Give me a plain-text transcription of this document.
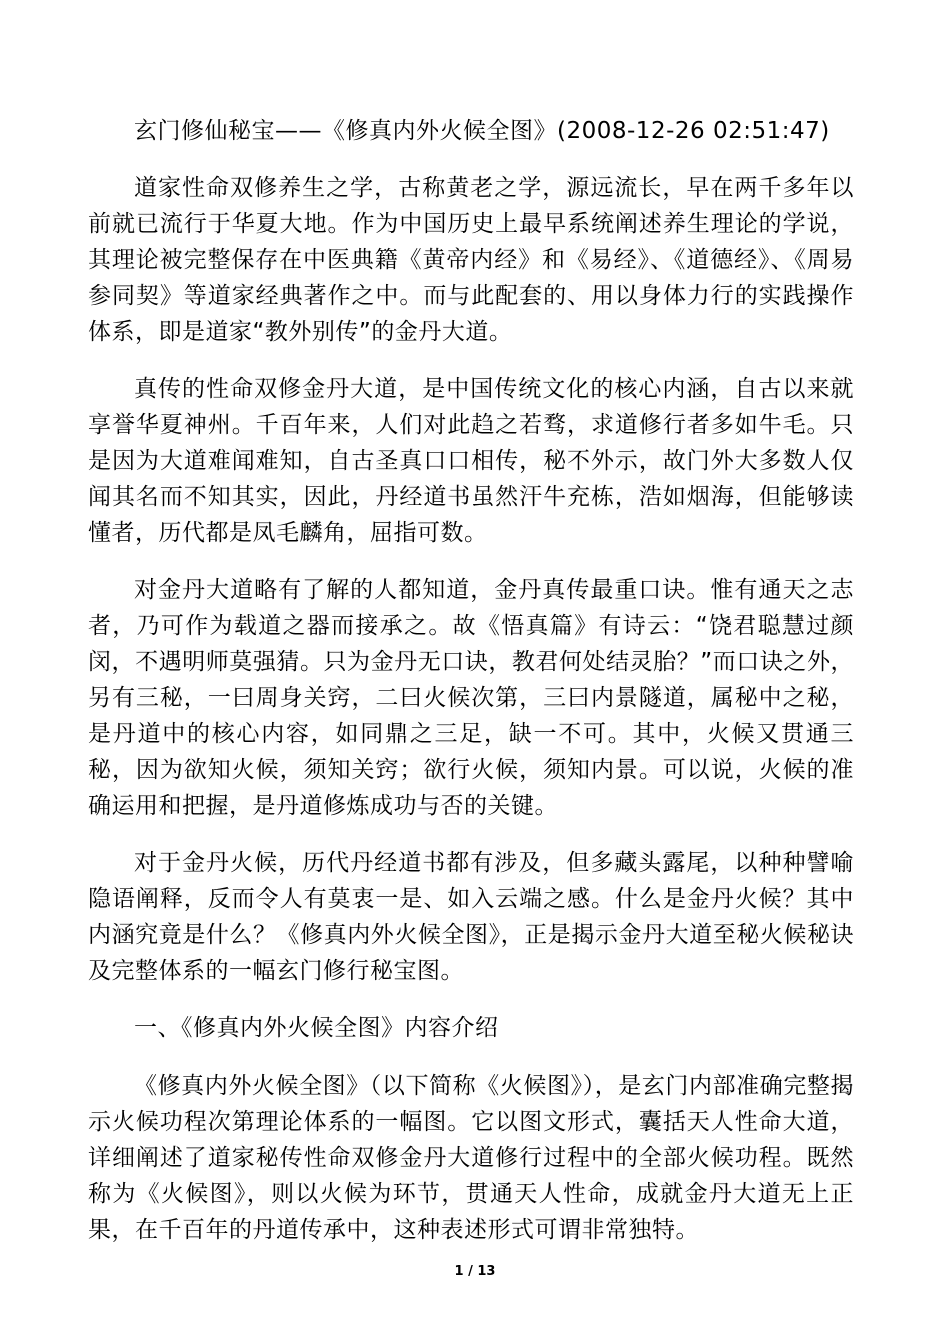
玄门修仙秘宝——《修真内外火候全图》(2008-12-26 02:51:47)

道家性命双修养生之学，古称黄老之学，源远流长，早在两千多年以前就已流行于华夏大地。作为中国历史上最早系统阐述养生理论的学说，其理论被完整保存在中医典籍《黄帝内经》和《易经》、《道德经》、《周易参同契》等道家经典著作之中。而与此配套的、用以身体力行的实践操作体系，即是道家“教外别传”的金丹大道。

真传的性命双修金丹大道，是中国传统文化的核心内涵，自古以来就享誉华夏神州。千百年来，人们对此趋之若骛，求道修行者多如牛毛。只是因为大道难闻难知，自古圣真口口相传，秘不外示，故门外大多数人仅闻其名而不知其实，因此，丹经道书虽然汗牛充栋，浩如烟海，但能够读懂者，历代都是凤毛麟角，屈指可数。

对金丹大道略有了解的人都知道，金丹真传最重口诀。惟有通天之志者，乃可作为载道之器而接承之。故《悟真篇》有诗云：“饶君聪慧过颜闵，不遇明师莫强猜。只为金丹无口诀，教君何处结灵胎？”而口诀之外，另有三秘，一曰周身关窍，二曰火候次第，三曰内景隧道，属秘中之秘，是丹道中的核心内容，如同鼎之三足，缺一不可。其中，火候又贯通三秘，因为欲知火候，须知关窍；欲行火候，须知内景。可以说，火候的准确运用和把握，是丹道修炼成功与否的关键。

对于金丹火候，历代丹经道书都有涉及，但多藏头露尾，以种种譬喻隐语阐释，反而令人有莫衷一是、如入云端之感。什么是金丹火候？其中内涵究竟是什么？《修真内外火候全图》，正是揭示金丹大道至秘火候秘诀及完整体系的一幅玄门修行秘宝图。

一、《修真内外火候全图》内容介绍

《修真内外火候全图》（以下简称《火候图》），是玄门内部准确完整揭示火候功程次第理论体系的一幅图。它以图文形式，囊括天人性命大道，详细阐述了道家秘传性命双修金丹大道修行过程中的全部火候功程。既然称为《火候图》，则以火候为环节，贯通天人性命，成就金丹大道无上正果，在千百年的丹道传承中，这种表述形式可谓非常独特。

1 / 13
